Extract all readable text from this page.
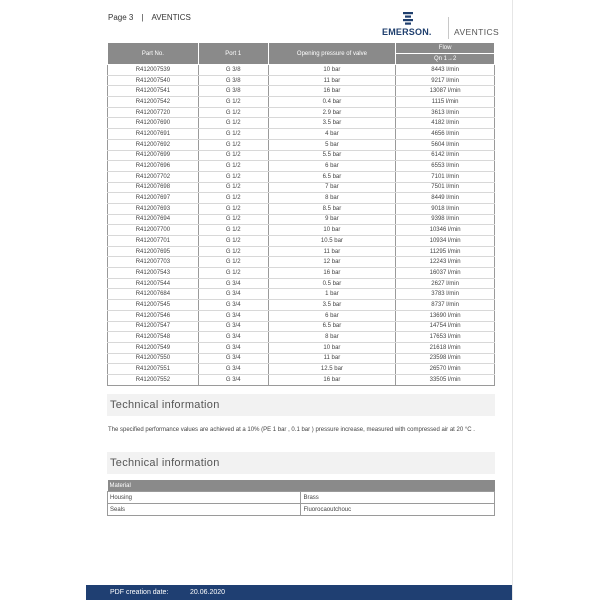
Page 3 | AVENTICS
EMERSON.	AVENTICS
Part No.	Port 1	Opening pressure of valve	Flow
			Qn 1→2
R412007539	G 3/8	10 bar	8443 l/min
R412007540	G 3/8	11 bar	9217 l/min
R412007541	G 3/8	16 bar	13087 l/min
R412007542	G 1/2	0.4 bar	1115 l/min
R412007720	G 1/2	2.9 bar	3613 l/min
R412007690	G 1/2	3.5 bar	4182 l/min
R412007691	G 1/2	4 bar	4656 l/min
R412007692	G 1/2	5 bar	5604 l/min
R412007699	G 1/2	5.5 bar	6142 l/min
R412007696	G 1/2	6 bar	6553 l/min
R412007702	G 1/2	6.5 bar	7101 l/min
R412007698	G 1/2	7 bar	7501 l/min
R412007697	G 1/2	8 bar	8449 l/min
R412007693	G 1/2	8.5 bar	9018 l/min
R412007694	G 1/2	9 bar	9398 l/min
R412007700	G 1/2	10 bar	10346 l/min
R412007701	G 1/2	10.5 bar	10934 l/min
R412007695	G 1/2	11 bar	11295 l/min
R412007703	G 1/2	12 bar	12243 l/min
R412007543	G 1/2	16 bar	16037 l/min
R412007544	G 3/4	0.5 bar	2627 l/min
R412007684	G 3/4	1 bar	3783 l/min
R412007545	G 3/4	3.5 bar	8737 l/min
R412007546	G 3/4	6 bar	13690 l/min
R412007547	G 3/4	6.5 bar	14754 l/min
R412007548	G 3/4	8 bar	17653 l/min
R412007549	G 3/4	10 bar	21618 l/min
R412007550	G 3/4	11 bar	23598 l/min
R412007551	G 3/4	12.5 bar	26570 l/min
R412007552	G 3/4	16 bar	33505 l/min
Technical information
The specified performance values are achieved at a 10% (PE 1 bar , 0.1 bar ) pressure increase, measured with compressed air at 20 °C .
Technical information
Material	
Housing	Brass
Seals	Fluorocaoutchouc
PDF creation date:	20.06.2020
